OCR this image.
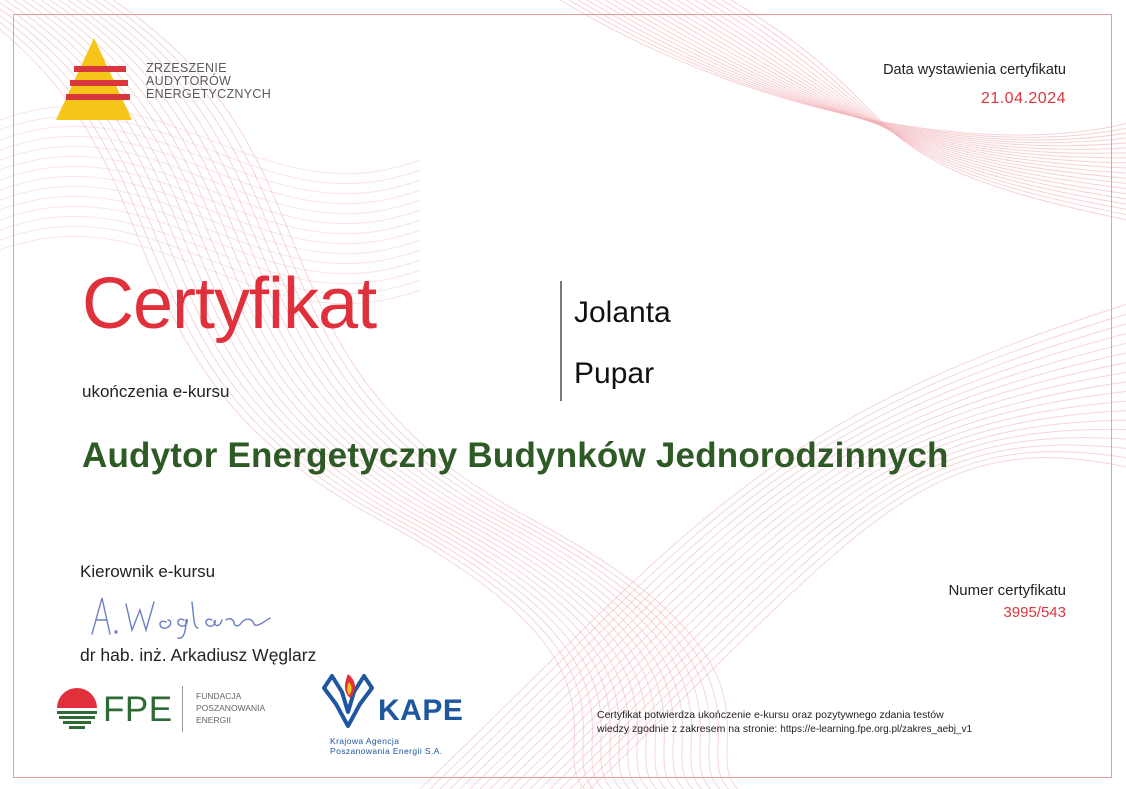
ZRZESZENIE
AUDYTORÓW
ENERGETYCZNYCH
Data wystawienia certyfikatu
21.04.2024
Certyfikat
ukończenia e-kursu
Jolanta
Pupar
Audytor Energetyczny Budynków Jednorodzinnych
Kierownik e-kursu
dr hab. inż. Arkadiusz Węglarz
Numer certyfikatu
3995/543
FPE	FUNDACJA
POSZANOWANIA
ENERGII	KAPE
Krajowa Agencja
Poszanowania Energii S.A.
Certyfikat potwierdza ukończenie e-kursu oraz pozytywnego zdania testów
wiedzy zgodnie z zakresem na stronie: https://e-learning.fpe.org.pl/zakres_aebj_v1
